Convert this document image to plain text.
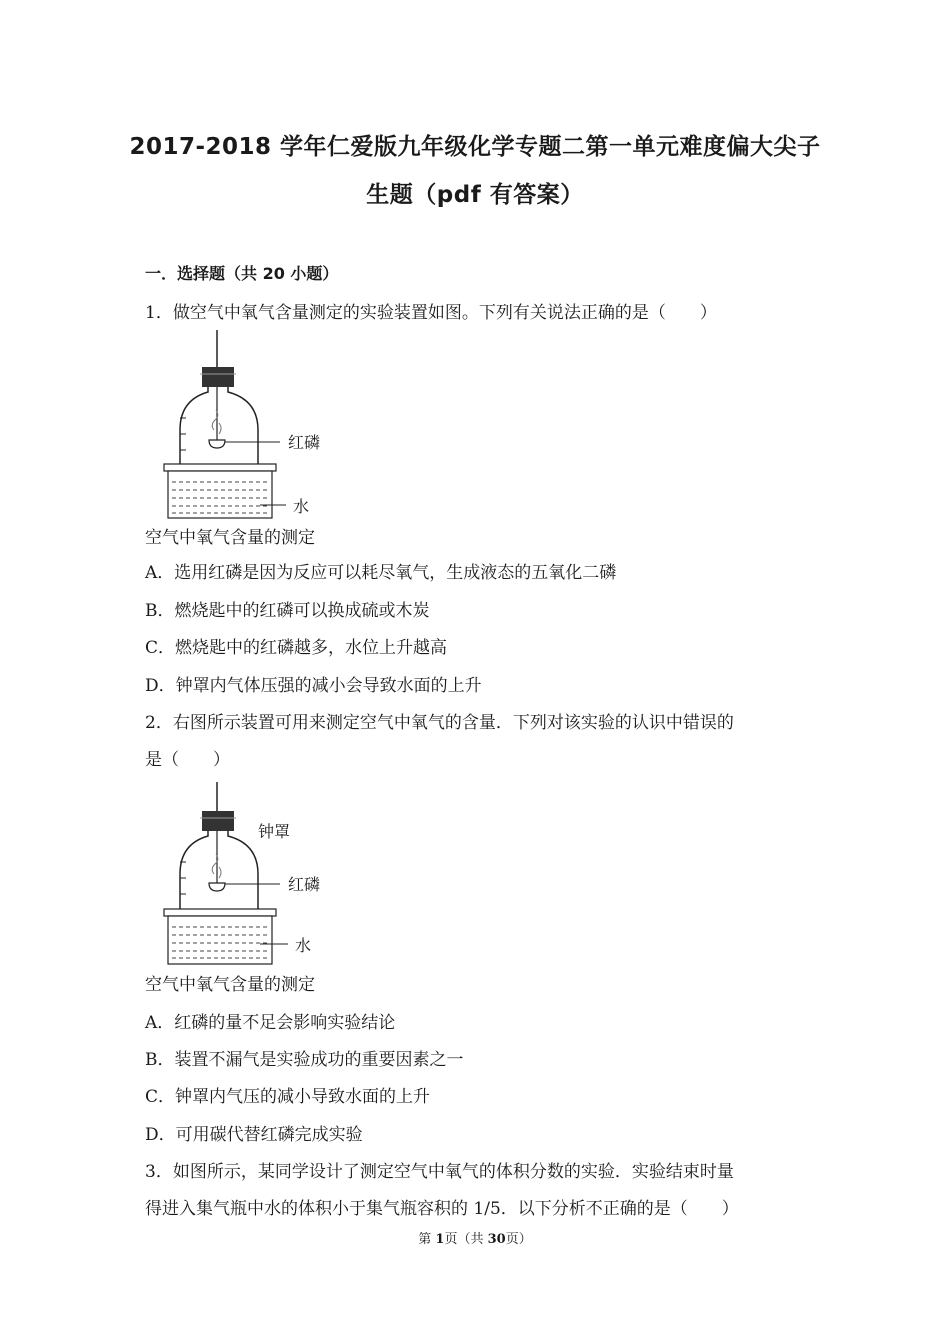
2017-2018 学年仁爱版九年级化学专题二第一单元难度偏大尖子
生题（pdf 有答案）
一．选择题（共 20 小题）
1．做空气中氧气含量测定的实验装置如图。下列有关说法正确的是（　　）
红磷
水
空气中氧气含量的测定
A．选用红磷是因为反应可以耗尽氧气，生成液态的五氧化二磷
B．燃烧匙中的红磷可以换成硫或木炭
C．燃烧匙中的红磷越多，水位上升越高
D．钟罩内气体压强的减小会导致水面的上升
2．右图所示装置可用来测定空气中氧气的含量．下列对该实验的认识中错误的
是（　　）
钟罩
红磷
水
空气中氧气含量的测定
A．红磷的量不足会影响实验结论
B．装置不漏气是实验成功的重要因素之一
C．钟罩内气压的减小导致水面的上升
D．可用碳代替红磷完成实验
3．如图所示，某同学设计了测定空气中氧气的体积分数的实验．实验结束时量
得进入集气瓶中水的体积小于集气瓶容积的 1/5．以下分析不正确的是（　　）
第 1页（共 30页）
